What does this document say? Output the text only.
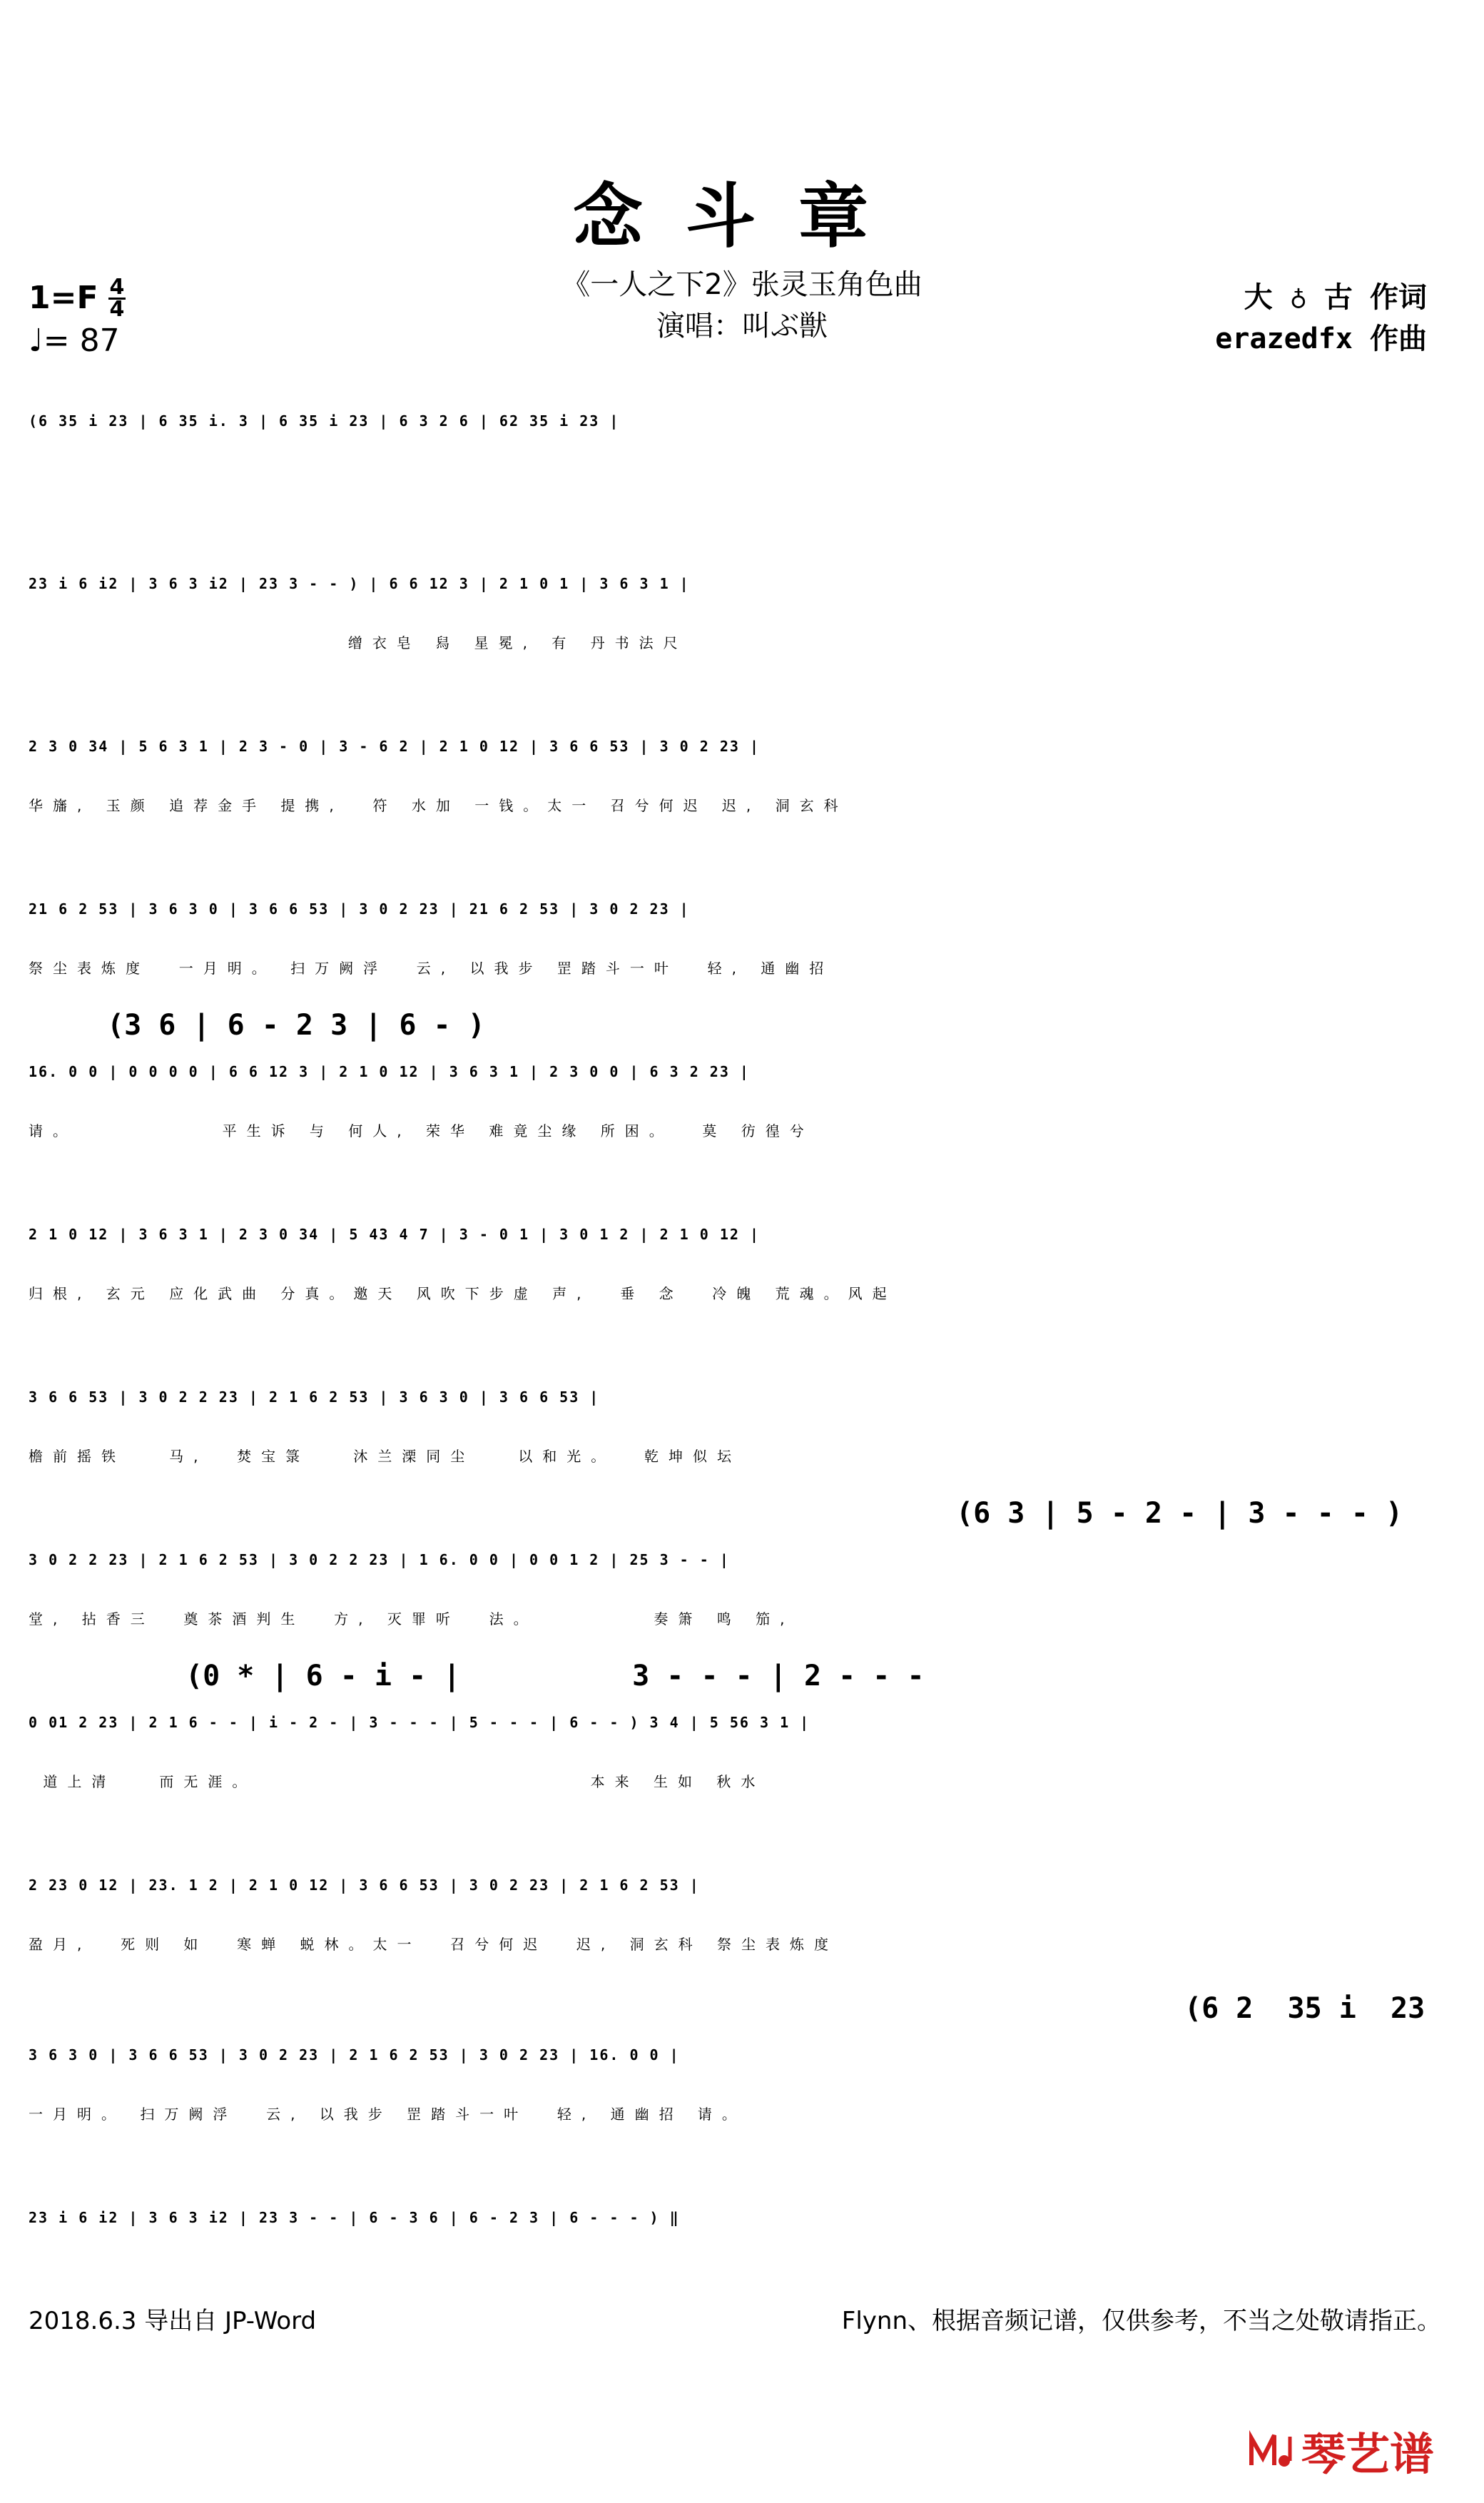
念斗章
《一人之下2》张灵玉角色曲
演唱：叫ぶ獣
$1=F \frac{4}{4}$
♩= 87
大 ♁ 古 作词
erazedfx 作曲
(6 35 i 23 | 6 35 i. 3 | 6 35 i 23 | 6 3 2 6 | 62 35 i 23 |
23 i 6 i2 | 3 6 3 i2 | 23 3 - - ) | 6 6 12 3 | 2 1 0 1 | 3 6 3 1 |
缯衣皂 舄 星冕, 有 丹书法尺
2 3 0 34 | 5 6 3 1 | 2 3 - 0 | 3 - 6 2 | 2 1 0 12 | 3 6 6 53 | 3 0 2 23 |
华旛, 玉颜 追荐金手 提携,  符 水加 一钱。太一 召兮何迟 迟, 洞玄科
21 6 2 53 | 3 6 3 0 | 3 6 6 53 | 3 0 2 23 | 21 6 2 53 | 3 0 2 23 |
祭尘表炼度  一月明。 扫万阙浮  云, 以我步 罡踏斗一叶  轻, 通幽招
(3 6 | 6 - 2 3 | 6 - )
16. 0 0 | 0 0 0 0 | 6 6 12 3 | 2 1 0 12 | 3 6 3 1 | 2 3 0 0 | 6 3 2 23 |
请。          平生诉 与 何人, 荣华 难竟尘缘 所困。  莫 彷徨兮
2 1 0 12 | 3 6 3 1 | 2 3 0 34 | 5 43 4 7 | 3 - 0 1 | 3 0 1 2 | 2 1 0 12 |
归根, 玄元 应化武曲 分真。邀天 风吹下步虚 声,  垂 念  冷魄 荒魂。风起
3 6 6 53 | 3 0 2 2 23 | 2 1 6 2 53 | 3 6 3 0 | 3 6 6 53 |
檐前摇铁   马,  焚宝箓   沐兰溧同尘   以和光。  乾坤似坛
(6 3 | 5 - 2 - | 3 - - - )
3 0 2 2 23 | 2 1 6 2 53 | 3 0 2 2 23 | 1 6. 0 0 | 0 0 1 2 | 25 3 - - |
堂, 拈香三  奠茶酒判生  方, 灭罪听  法。        奏箫 鸣 笳,
(0 * | 6 - i - |          3 - - - | 2 - - -
0 01 2 23 | 2 1 6 - - | i - 2 - | 3 - - - | 5 - - - | 6 - - ) 3 4 | 5 56 3 1 |
道上清   而无涯。                       本来 生如 秋水
2 23 0 12 | 23. 1 2 | 2 1 0 12 | 3 6 6 53 | 3 0 2 23 | 2 1 6 2 53 |
盈月,  死则 如  寒蝉 蜕林。太一  召兮何迟  迟, 洞玄科 祭尘表炼度
(6 2  35 i  23
3 6 3 0 | 3 6 6 53 | 3 0 2 23 | 2 1 6 2 53 | 3 0 2 23 | 16. 0 0 |
一月明。 扫万阙浮  云, 以我步 罡踏斗一叶  轻, 通幽招 请。
23 i 6 i2 | 3 6 3 i2 | 23 3 - - | 6 - 3 6 | 6 - 2 3 | 6 - - - ) ‖
2018.6.3 导出自 JP-Word	Flynn、根据音频记谱，仅供参考，不当之处敬请指正。
琴艺谱
